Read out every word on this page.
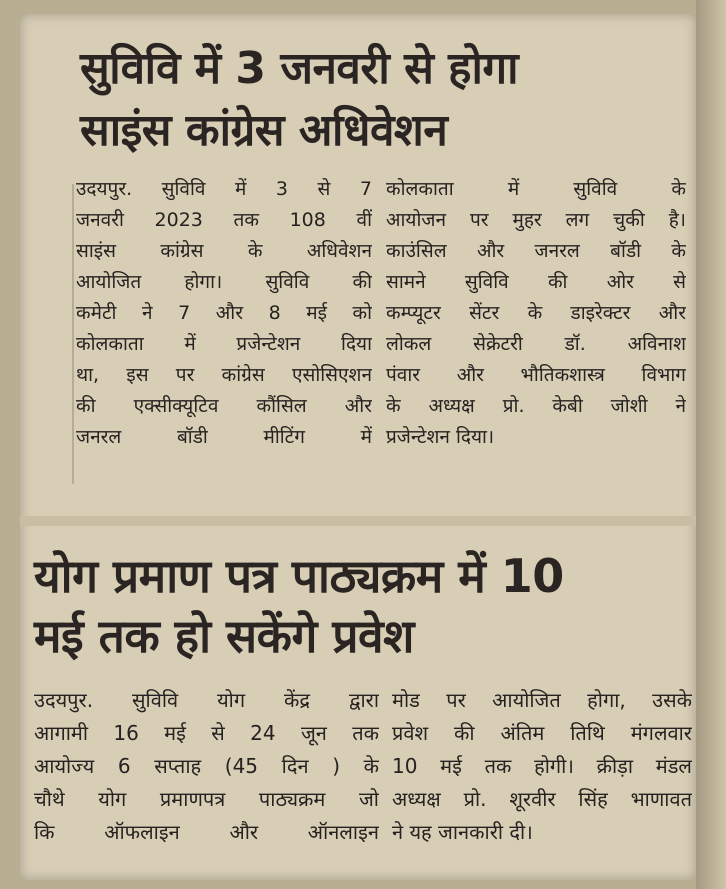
सुविवि में 3 जनवरी से होगा
साइंस कांग्रेस अधिवेशन

उदयपुर. सुविवि में 3 से 7
जनवरी 2023 तक 108 वीं
साइंस कांग्रेस के अधिवेशन
आयोजित होगा। सुविवि की
कमेटी ने 7 और 8 मई को
कोलकाता में प्रजेन्टेशन दिया
था, इस पर कांग्रेस एसोसिएशन
की एक्सीक्यूटिव कौंसिल और
जनरल बॉडी मीटिंग में

कोलकाता में सुविवि के
आयोजन पर मुहर लग चुकी है।
काउंसिल और जनरल बॉडी के
सामने सुविवि की ओर से
कम्प्यूटर सेंटर के डाइरेक्टर और
लोकल सेक्रेटरी डॉ. अविनाश
पंवार और भौतिकशास्त्र विभाग
के अध्यक्ष प्रो. केबी जोशी ने
प्रजेन्टेशन दिया।

योग प्रमाण पत्र पाठ्यक्रम में 10
मई तक हो सकेंगे प्रवेश

उदयपुर. सुविवि योग केंद्र द्वारा
आगामी 16 मई से 24 जून तक
आयोज्य 6 सप्ताह (45 दिन ) के
चौथे योग प्रमाणपत्र पाठ्यक्रम जो
कि ऑफलाइन और ऑनलाइन

मोड पर आयोजित होगा, उसके
प्रवेश की अंतिम तिथि मंगलवार
10 मई तक होगी। क्रीड़ा मंडल
अध्यक्ष प्रो. शूरवीर सिंह भाणावत
ने यह जानकारी दी।
